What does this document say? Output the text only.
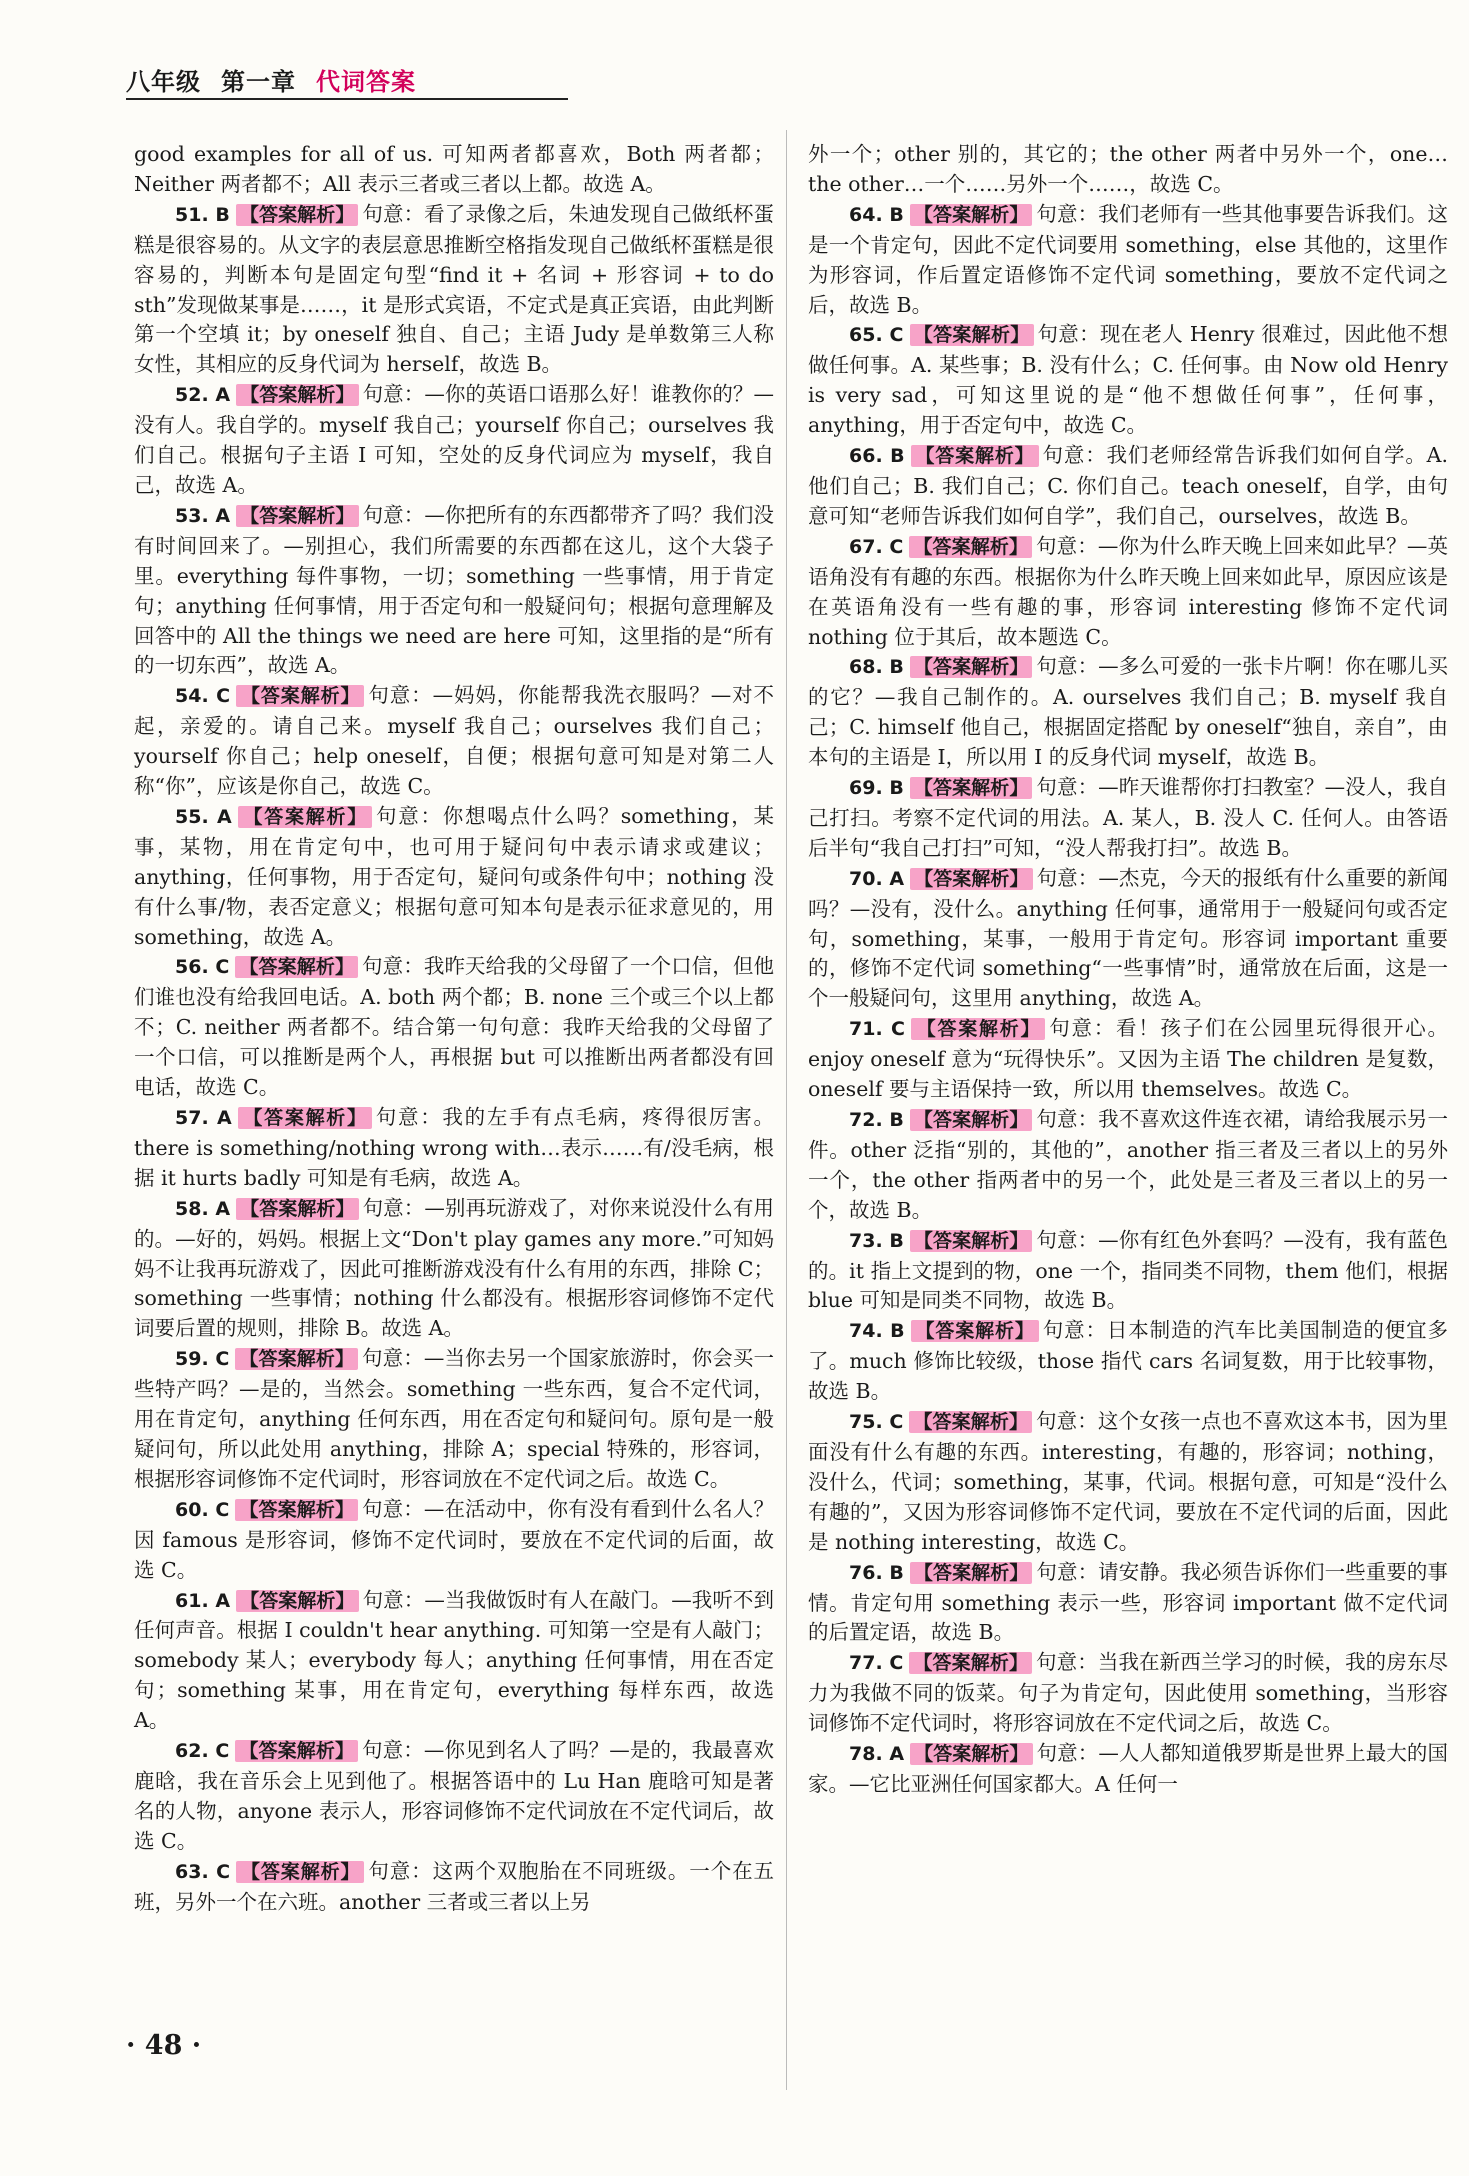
八年级 第一章 代词答案

good examples for all of us. 可知两者都喜欢，Both 两者都；Neither 两者都不；All 表示三者或三者以上都。故选 A。

51. B 【答案解析】 句意：看了录像之后，朱迪发现自己做纸杯蛋糕是很容易的。从文字的表层意思推断空格指发现自己做纸杯蛋糕是很容易的，判断本句是固定句型“find it + 名词 + 形容词 + to do sth”发现做某事是……，it 是形式宾语，不定式是真正宾语，由此判断第一个空填 it；by oneself 独自、自己；主语 Judy 是单数第三人称女性，其相应的反身代词为 herself，故选 B。

52. A 【答案解析】 句意：—你的英语口语那么好！谁教你的？—没有人。我自学的。myself 我自己；yourself 你自己；ourselves 我们自己。根据句子主语 I 可知，空处的反身代词应为 myself，我自己，故选 A。

53. A 【答案解析】 句意：—你把所有的东西都带齐了吗？我们没有时间回来了。—别担心，我们所需要的东西都在这儿，这个大袋子里。everything 每件事物，一切；something 一些事情，用于肯定句；anything 任何事情，用于否定句和一般疑问句；根据句意理解及回答中的 All the things we need are here 可知，这里指的是“所有的一切东西”，故选 A。

54. C 【答案解析】 句意：—妈妈，你能帮我洗衣服吗？—对不起，亲爱的。请自己来。myself 我自己；ourselves 我们自己；yourself 你自己；help oneself，自便；根据句意可知是对第二人称“你”，应该是你自己，故选 C。

55. A 【答案解析】 句意：你想喝点什么吗？something，某事，某物，用在肯定句中，也可用于疑问句中表示请求或建议；anything，任何事物，用于否定句，疑问句或条件句中；nothing 没有什么事/物，表否定意义；根据句意可知本句是表示征求意见的，用 something，故选 A。

56. C 【答案解析】 句意：我昨天给我的父母留了一个口信，但他们谁也没有给我回电话。A. both 两个都；B. none 三个或三个以上都不；C. neither 两者都不。结合第一句句意：我昨天给我的父母留了一个口信，可以推断是两个人，再根据 but 可以推断出两者都没有回电话，故选 C。

57. A 【答案解析】 句意：我的左手有点毛病，疼得很厉害。there is something/nothing wrong with…表示……有/没毛病，根据 it hurts badly 可知是有毛病，故选 A。

58. A 【答案解析】 句意：—别再玩游戏了，对你来说没什么有用的。—好的，妈妈。根据上文“Don't play games any more.”可知妈妈不让我再玩游戏了，因此可推断游戏没有什么有用的东西，排除 C；something 一些事情；nothing 什么都没有。根据形容词修饰不定代词要后置的规则，排除 B。故选 A。

59. C 【答案解析】 句意：—当你去另一个国家旅游时，你会买一些特产吗？—是的，当然会。something 一些东西，复合不定代词，用在肯定句，anything 任何东西，用在否定句和疑问句。原句是一般疑问句，所以此处用 anything，排除 A；special 特殊的，形容词，根据形容词修饰不定代词时，形容词放在不定代词之后。故选 C。

60. C 【答案解析】 句意：—在活动中，你有没有看到什么名人？因 famous 是形容词，修饰不定代词时，要放在不定代词的后面，故选 C。

61. A 【答案解析】 句意：—当我做饭时有人在敲门。—我听不到任何声音。根据 I couldn't hear anything. 可知第一空是有人敲门；somebody 某人；everybody 每人；anything 任何事情，用在否定句；something 某事，用在肯定句，everything 每样东西，故选 A。

62. C 【答案解析】 句意：—你见到名人了吗？—是的，我最喜欢鹿晗，我在音乐会上见到他了。根据答语中的 Lu Han 鹿晗可知是著名的人物，anyone 表示人，形容词修饰不定代词放在不定代词后，故选 C。

63. C 【答案解析】 句意：这两个双胞胎在不同班级。一个在五班，另外一个在六班。another 三者或三者以上另

外一个；other 别的，其它的；the other 两者中另外一个，one…the other…一个……另外一个……，故选 C。

64. B 【答案解析】 句意：我们老师有一些其他事要告诉我们。这是一个肯定句，因此不定代词要用 something，else 其他的，这里作为形容词，作后置定语修饰不定代词 something，要放不定代词之后，故选 B。

65. C 【答案解析】 句意：现在老人 Henry 很难过，因此他不想做任何事。A. 某些事；B. 没有什么；C. 任何事。由 Now old Henry is very sad，可知这里说的是“他不想做任何事”，任何事，anything，用于否定句中，故选 C。

66. B 【答案解析】 句意：我们老师经常告诉我们如何自学。A. 他们自己；B. 我们自己；C. 你们自己。teach oneself，自学，由句意可知“老师告诉我们如何自学”，我们自己，ourselves，故选 B。

67. C 【答案解析】 句意：—你为什么昨天晚上回来如此早？—英语角没有有趣的东西。根据你为什么昨天晚上回来如此早，原因应该是在英语角没有一些有趣的事，形容词 interesting 修饰不定代词 nothing 位于其后，故本题选 C。

68. B 【答案解析】 句意：—多么可爱的一张卡片啊！你在哪儿买的它？—我自己制作的。A. ourselves 我们自己；B. myself 我自己；C. himself 他自己，根据固定搭配 by oneself“独自，亲自”，由本句的主语是 I，所以用 I 的反身代词 myself，故选 B。

69. B 【答案解析】 句意：—昨天谁帮你打扫教室？—没人，我自己打扫。考察不定代词的用法。A. 某人，B. 没人 C. 任何人。由答语后半句“我自己打扫”可知，“没人帮我打扫”。故选 B。

70. A 【答案解析】 句意：—杰克，今天的报纸有什么重要的新闻吗？—没有，没什么。anything 任何事，通常用于一般疑问句或否定句，something，某事，一般用于肯定句。形容词 important 重要的，修饰不定代词 something“一些事情”时，通常放在后面，这是一个一般疑问句，这里用 anything，故选 A。

71. C 【答案解析】 句意：看！孩子们在公园里玩得很开心。enjoy oneself 意为“玩得快乐”。又因为主语 The children 是复数，oneself 要与主语保持一致，所以用 themselves。故选 C。

72. B 【答案解析】 句意：我不喜欢这件连衣裙，请给我展示另一件。other 泛指“别的，其他的”，another 指三者及三者以上的另外一个，the other 指两者中的另一个，此处是三者及三者以上的另一个，故选 B。

73. B 【答案解析】 句意：—你有红色外套吗？—没有，我有蓝色的。it 指上文提到的物，one 一个，指同类不同物，them 他们，根据 blue 可知是同类不同物，故选 B。

74. B 【答案解析】 句意：日本制造的汽车比美国制造的便宜多了。much 修饰比较级，those 指代 cars 名词复数，用于比较事物，故选 B。

75. C 【答案解析】 句意：这个女孩一点也不喜欢这本书，因为里面没有什么有趣的东西。interesting，有趣的，形容词；nothing，没什么，代词；something，某事，代词。根据句意，可知是“没什么有趣的”，又因为形容词修饰不定代词，要放在不定代词的后面，因此是 nothing interesting，故选 C。

76. B 【答案解析】 句意：请安静。我必须告诉你们一些重要的事情。肯定句用 something 表示一些，形容词 important 做不定代词的后置定语，故选 B。

77. C 【答案解析】 句意：当我在新西兰学习的时候，我的房东尽力为我做不同的饭菜。句子为肯定句，因此使用 something，当形容词修饰不定代词时，将形容词放在不定代词之后，故选 C。

78. A 【答案解析】 句意：—人人都知道俄罗斯是世界上最大的国家。—它比亚洲任何国家都大。A 任何一

· 48 ·
